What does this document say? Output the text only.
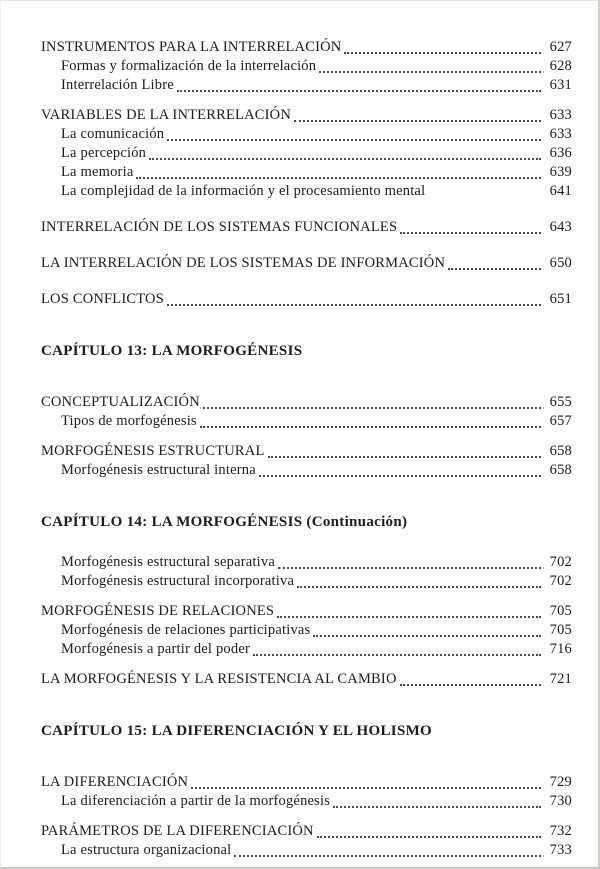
INSTRUMENTOS PARA LA INTERRELACIÓN	627
Formas y formalización de la interrelación	628
Interrelación Libre	631
VARIABLES DE LA INTERRELACIÓN	633
La comunicación	633
La percepción	636
La memoria	639
La complejidad de la información y el procesamiento mental	641
INTERRELACIÓN DE LOS SISTEMAS FUNCIONALES	643
LA INTERRELACIÓN DE LOS SISTEMAS DE INFORMACIÓN	650
LOS CONFLICTOS	651
CAPÍTULO 13: LA MORFOGÉNESIS
CONCEPTUALIZACIÓN	655
Tipos de morfogénesis	657
MORFOGÉNESIS ESTRUCTURAL	658
Morfogénesis estructural interna	658
CAPÍTULO 14: LA MORFOGÉNESIS (Continuación)
Morfogénesis estructural separativa	702
Morfogénesis estructural incorporativa	702
MORFOGÉNESIS DE RELACIONES	705
Morfogénesis de relaciones participativas	705
Morfogénesis a partir del poder	716
LA MORFOGÉNESIS Y LA RESISTENCIA AL CAMBIO	721
CAPÍTULO 15: LA DIFERENCIACIÓN Y EL HOLISMO
LA DIFERENCIACIÓN	729
La diferenciación a partir de la morfogénesis	730
PARÁMETROS DE LA DIFERENCIACIÓN	732
La estructura organizacional	733
